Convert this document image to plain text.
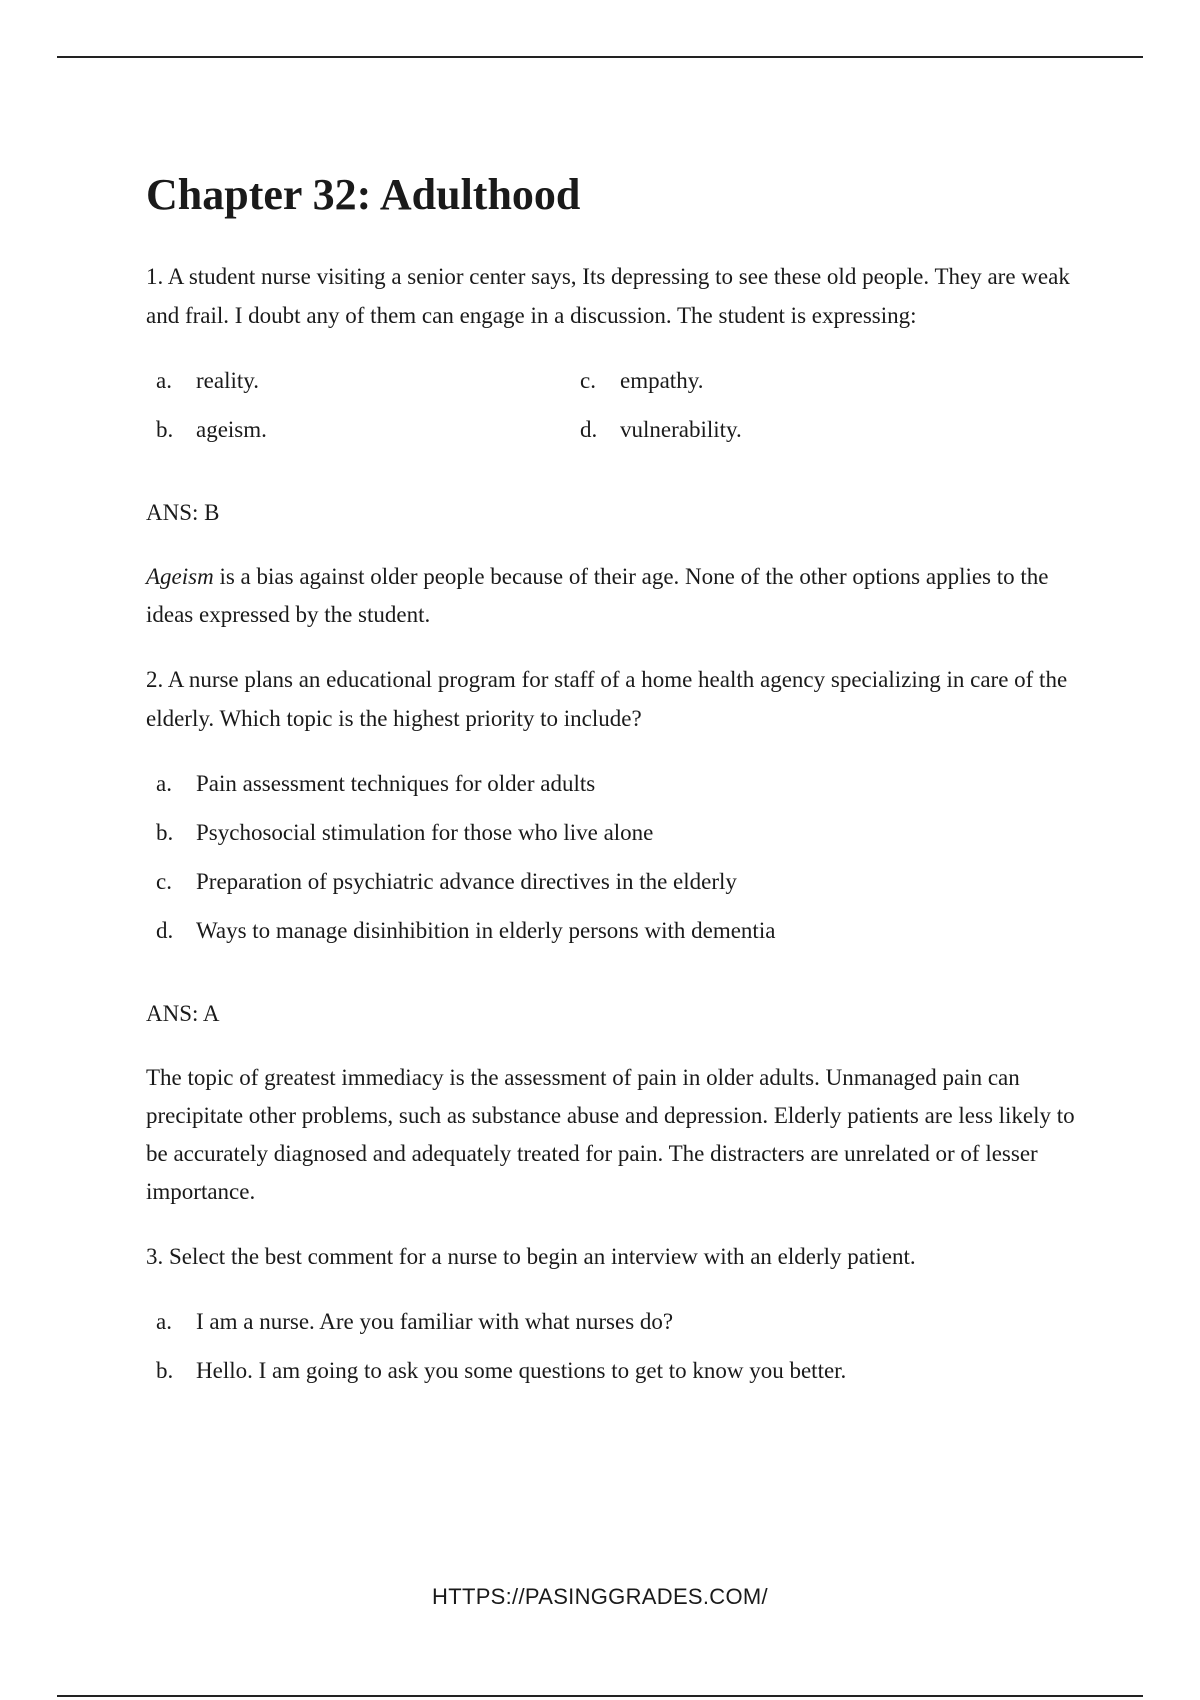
Chapter 32: Adulthood

1. A student nurse visiting a senior center says, Its depressing to see these old people. They are weak and frail. I doubt any of them can engage in a discussion. The student is expressing:

a.	reality.	c.	empathy.
b. ageism.	d. vulnerability.

ANS: B

Ageism is a bias against older people because of their age. None of the other options applies to the ideas expressed by the student.

2. A nurse plans an educational program for staff of a home health agency specializing in care of the elderly. Which topic is the highest priority to include?

a.	Pain assessment techniques for older adults
b. Psychosocial stimulation for those who live alone
c.	Preparation of psychiatric advance directives in the elderly
d. Ways to manage disinhibition in elderly persons with dementia

ANS: A

The topic of greatest immediacy is the assessment of pain in older adults. Unmanaged pain can precipitate other problems, such as substance abuse and depression. Elderly patients are less likely to be accurately diagnosed and adequately treated for pain. The distracters are unrelated or of lesser importance.

3. Select the best comment for a nurse to begin an interview with an elderly patient.

a.	I am a nurse. Are you familiar with what nurses do?
b. Hello. I am going to ask you some questions to get to know you better.
HTTPS://PASINGGRADES.COM/
